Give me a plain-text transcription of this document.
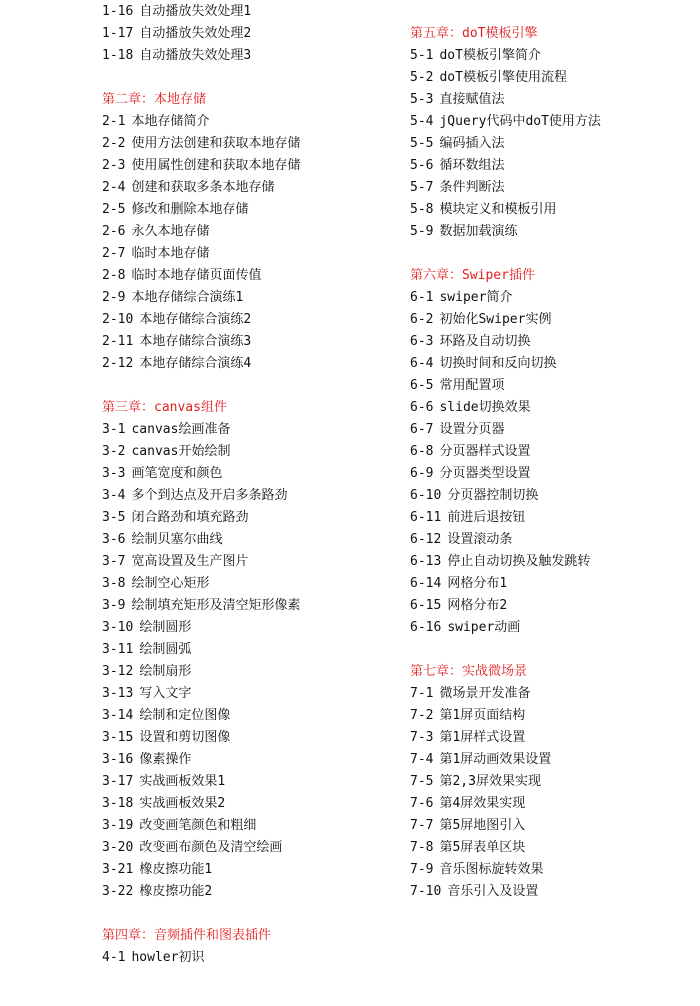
1-16 自动播放失效处理1
1-17 自动播放失效处理2
1-18 自动播放失效处理3
第二章：本地存储
2-1 本地存储简介
2-2 使用方法创建和获取本地存储
2-3 使用属性创建和获取本地存储
2-4 创建和获取多条本地存储
2-5 修改和删除本地存储
2-6 永久本地存储
2-7 临时本地存储
2-8 临时本地存储页面传值
2-9 本地存储综合演练1
2-10 本地存储综合演练2
2-11 本地存储综合演练3
2-12 本地存储综合演练4
第三章：canvas组件
3-1 canvas绘画准备
3-2 canvas开始绘制
3-3 画笔宽度和颜色
3-4 多个到达点及开启多条路劲
3-5 闭合路劲和填充路劲
3-6 绘制贝塞尔曲线
3-7 宽高设置及生产图片
3-8 绘制空心矩形
3-9 绘制填充矩形及清空矩形像素
3-10 绘制圆形
3-11 绘制圆弧
3-12 绘制扇形
3-13 写入文字
3-14 绘制和定位图像
3-15 设置和剪切图像
3-16 像素操作
3-17 实战画板效果1
3-18 实战画板效果2
3-19 改变画笔颜色和粗细
3-20 改变画布颜色及清空绘画
3-21 橡皮擦功能1
3-22 橡皮擦功能2
第四章：音频插件和图表插件
4-1 howler初识
第五章：doT模板引擎
5-1 doT模板引擎简介
5-2 doT模板引擎使用流程
5-3 直接赋值法
5-4 jQuery代码中doT使用方法
5-5 编码插入法
5-6 循环数组法
5-7 条件判断法
5-8 模块定义和模板引用
5-9 数据加载演练
第六章：Swiper插件
6-1 swiper简介
6-2 初始化Swiper实例
6-3 环路及自动切换
6-4 切换时间和反向切换
6-5 常用配置项
6-6 slide切换效果
6-7 设置分页器
6-8 分页器样式设置
6-9 分页器类型设置
6-10 分页器控制切换
6-11 前进后退按钮
6-12 设置滚动条
6-13 停止自动切换及触发跳转
6-14 网格分布1
6-15 网格分布2
6-16 swiper动画
第七章：实战微场景
7-1 微场景开发准备
7-2 第1屏页面结构
7-3 第1屏样式设置
7-4 第1屏动画效果设置
7-5 第2,3屏效果实现
7-6 第4屏效果实现
7-7 第5屏地图引入
7-8 第5屏表单区块
7-9 音乐图标旋转效果
7-10 音乐引入及设置
